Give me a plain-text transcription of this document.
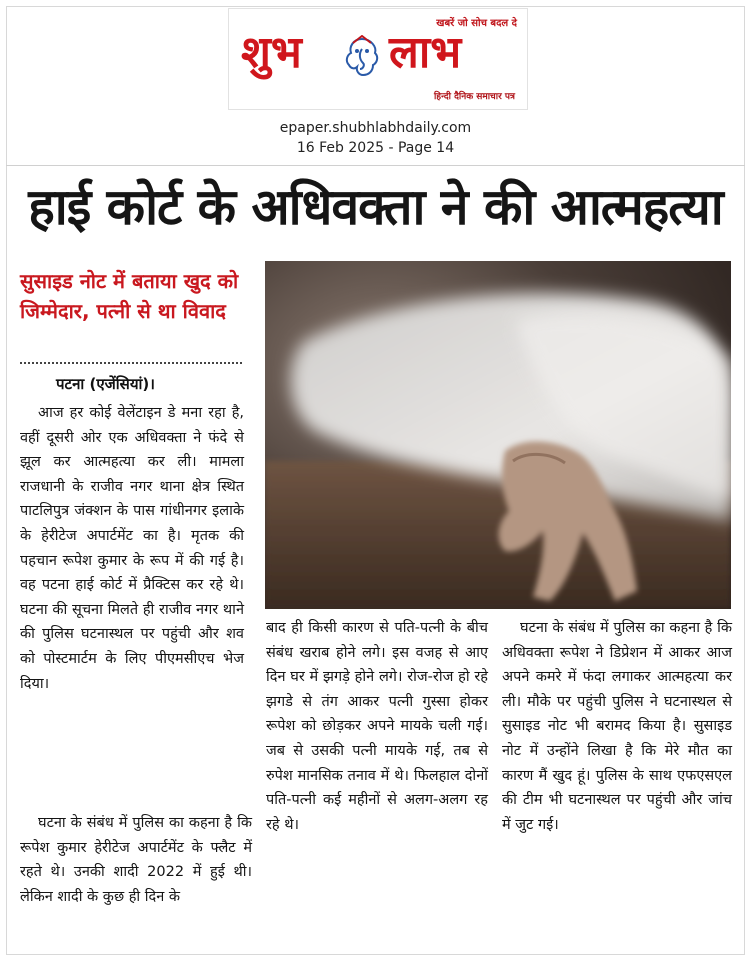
खबरें जो सोच बदल दे
शुभ लाभ
हिन्दी दैनिक समाचार पत्र
epaper.shubhlabhdaily.com
16 Feb 2025 - Page 14
हाई कोर्ट के अधिवक्ता ने की आत्महत्या
सुसाइड नोट में बताया खुद को जिम्मेदार, पत्नी से था विवाद
पटना (एजेंसियां)।

आज हर कोई वेलेंटाइन डे मना रहा है, वहीं दूसरी ओर एक अधिवक्ता ने फंदे से झूल कर आत्महत्या कर ली। मामला राजधानी के राजीव नगर थाना क्षेत्र स्थित पाटलिपुत्र जंक्शन के पास गांधीनगर इलाके के हेरीटेज अपार्टमेंट का है। मृतक की पहचान रूपेश कुमार के रूप में की गई है। वह पटना हाई कोर्ट में प्रैक्टिस कर रहे थे। घटना की सूचना मिलते ही राजीव नगर थाने की पुलिस घटनास्थल पर पहुंची और शव को पोस्टमार्टम के लिए पीएमसीएच भेज दिया।

घटना के संबंध में पुलिस का कहना है कि रूपेश कुमार हेरीटेज अपार्टमेंट के फ्लैट में रहते थे। उनकी शादी 2022 में हुई थी। लेकिन शादी के कुछ ही दिन के

बाद ही किसी कारण से पति-पत्नी के बीच संबंध खराब होने लगे। इस वजह से आए दिन घर में झगड़े होने लगे। रोज-रोज हो रहे झगडे से तंग आकर पत्नी गुस्सा होकर रूपेश को छोड़कर अपने मायके चली गई। जब से उसकी पत्नी मायके गई, तब से रुपेश मानसिक तनाव में थे। फिलहाल दोनों पति-पत्नी कई महीनों से अलग-अलग रह रहे थे।

घटना के संबंध में पुलिस का कहना है कि अधिवक्ता रूपेश ने डिप्रेशन में आकर आज अपने कमरे में फंदा लगाकर आत्महत्या कर ली। मौके पर पहुंची पुलिस ने घटनास्थल से सुसाइड नोट भी बरामद किया है। सुसाइड नोट में उन्होंने लिखा है कि मेरे मौत का कारण मैं खुद हूं। पुलिस के साथ एफएसएल की टीम भी घटनास्थल पर पहुंची और जांच में जुट गई।
